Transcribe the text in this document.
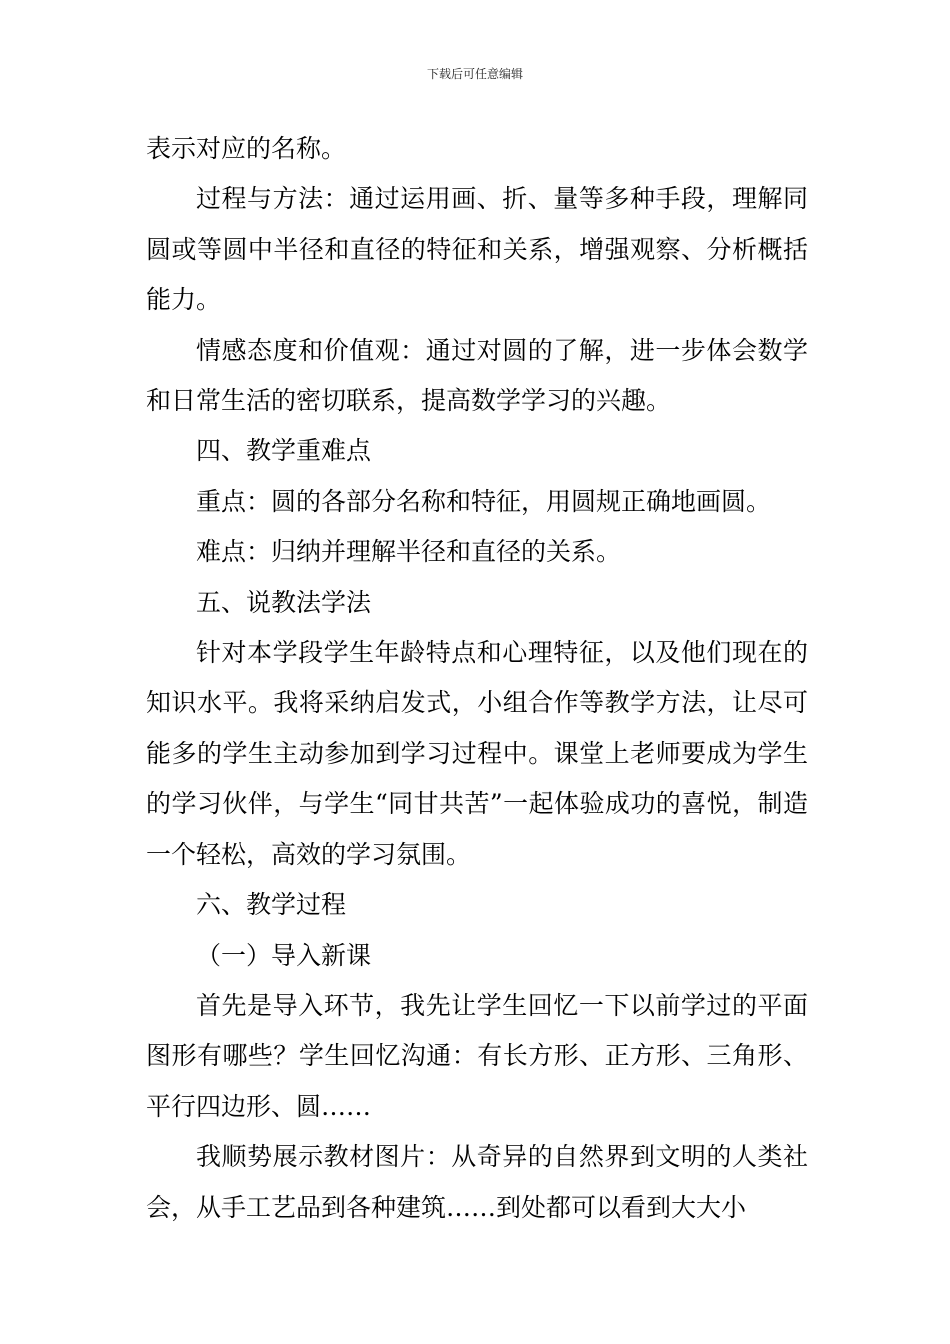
下载后可任意编辑

表示对应的名称。

过程与方法：通过运用画、折、量等多种手段，理解同圆或等圆中半径和直径的特征和关系，增强观察、分析概括能力。

情感态度和价值观：通过对圆的了解，进一步体会数学和日常生活的密切联系，提高数学学习的兴趣。

四、教学重难点

重点：圆的各部分名称和特征，用圆规正确地画圆。

难点：归纳并理解半径和直径的关系。

五、说教法学法

针对本学段学生年龄特点和心理特征，以及他们现在的知识水平。我将采纳启发式，小组合作等教学方法，让尽可能多的学生主动参加到学习过程中。课堂上老师要成为学生的学习伙伴，与学生“同甘共苦”一起体验成功的喜悦，制造一个轻松，高效的学习氛围。

六、教学过程

（一）导入新课

首先是导入环节，我先让学生回忆一下以前学过的平面图形有哪些？学生回忆沟通：有长方形、正方形、三角形、平行四边形、圆……

我顺势展示教材图片：从奇异的自然界到文明的人类社会，从手工艺品到各种建筑……到处都可以看到大大小
